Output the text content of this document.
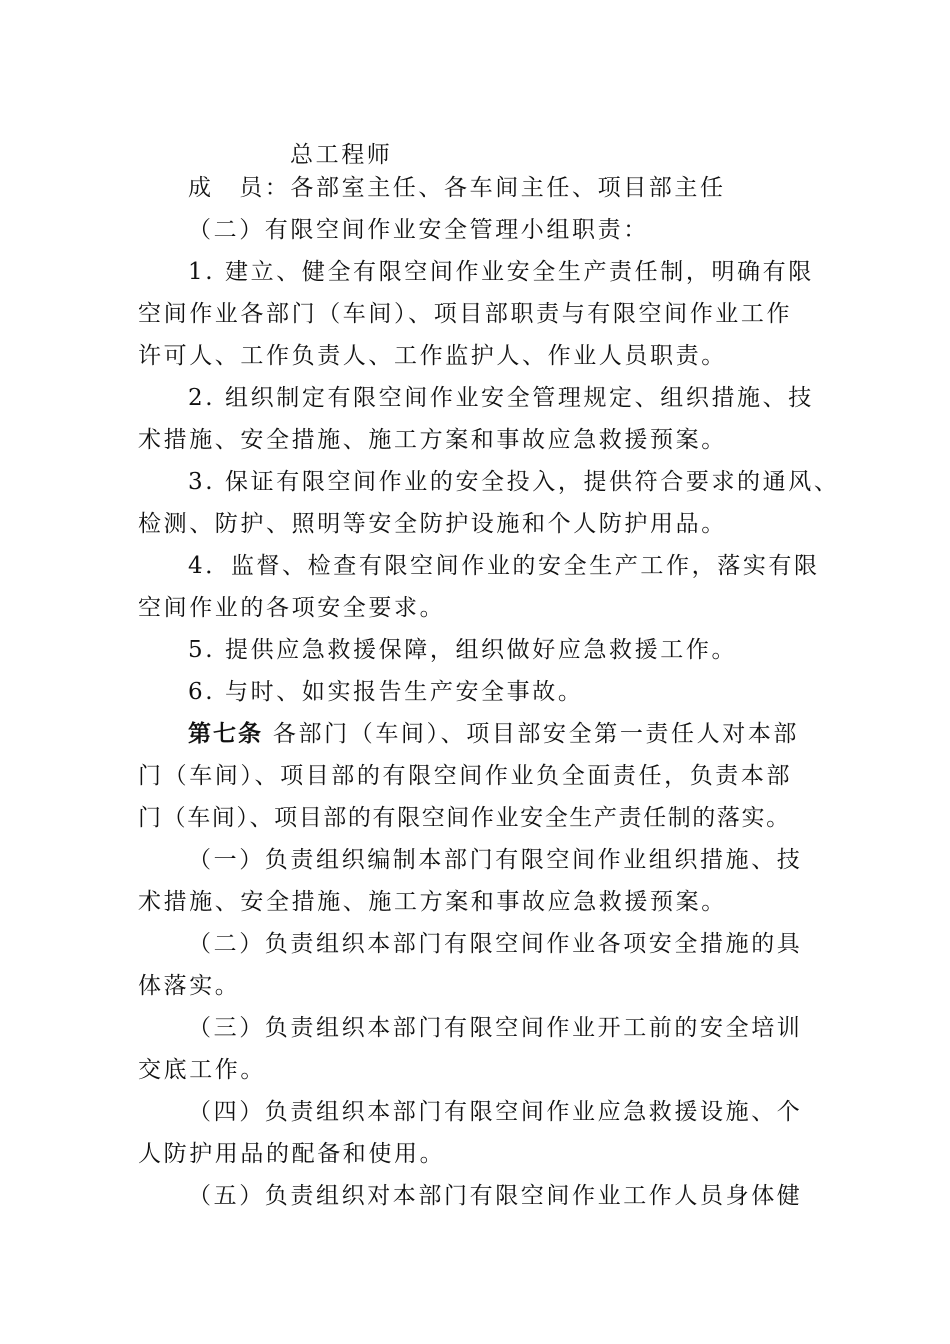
总工程师
成　员：各部室主任、各车间主任、项目部主任
（二）有限空间作业安全管理小组职责：
1. 建立、健全有限空间作业安全生产责任制，明确有限
空间作业各部门（车间）、项目部职责与有限空间作业工作
许可人、工作负责人、工作监护人、作业人员职责。
2. 组织制定有限空间作业安全管理规定、组织措施、技
术措施、安全措施、施工方案和事故应急救援预案。
3. 保证有限空间作业的安全投入，提供符合要求的通风、
检测、防护、照明等安全防护设施和个人防护用品。
4．监督、检查有限空间作业的安全生产工作，落实有限
空间作业的各项安全要求。
5. 提供应急救援保障，组织做好应急救援工作。
6. 与时、如实报告生产安全事故。
第七条 各部门（车间）、项目部安全第一责任人对本部
门（车间）、项目部的有限空间作业负全面责任，负责本部
门（车间）、项目部的有限空间作业安全生产责任制的落实。
（一）负责组织编制本部门有限空间作业组织措施、技
术措施、安全措施、施工方案和事故应急救援预案。
（二）负责组织本部门有限空间作业各项安全措施的具
体落实。
（三）负责组织本部门有限空间作业开工前的安全培训
交底工作。
（四）负责组织本部门有限空间作业应急救援设施、个
人防护用品的配备和使用。
（五）负责组织对本部门有限空间作业工作人员身体健
